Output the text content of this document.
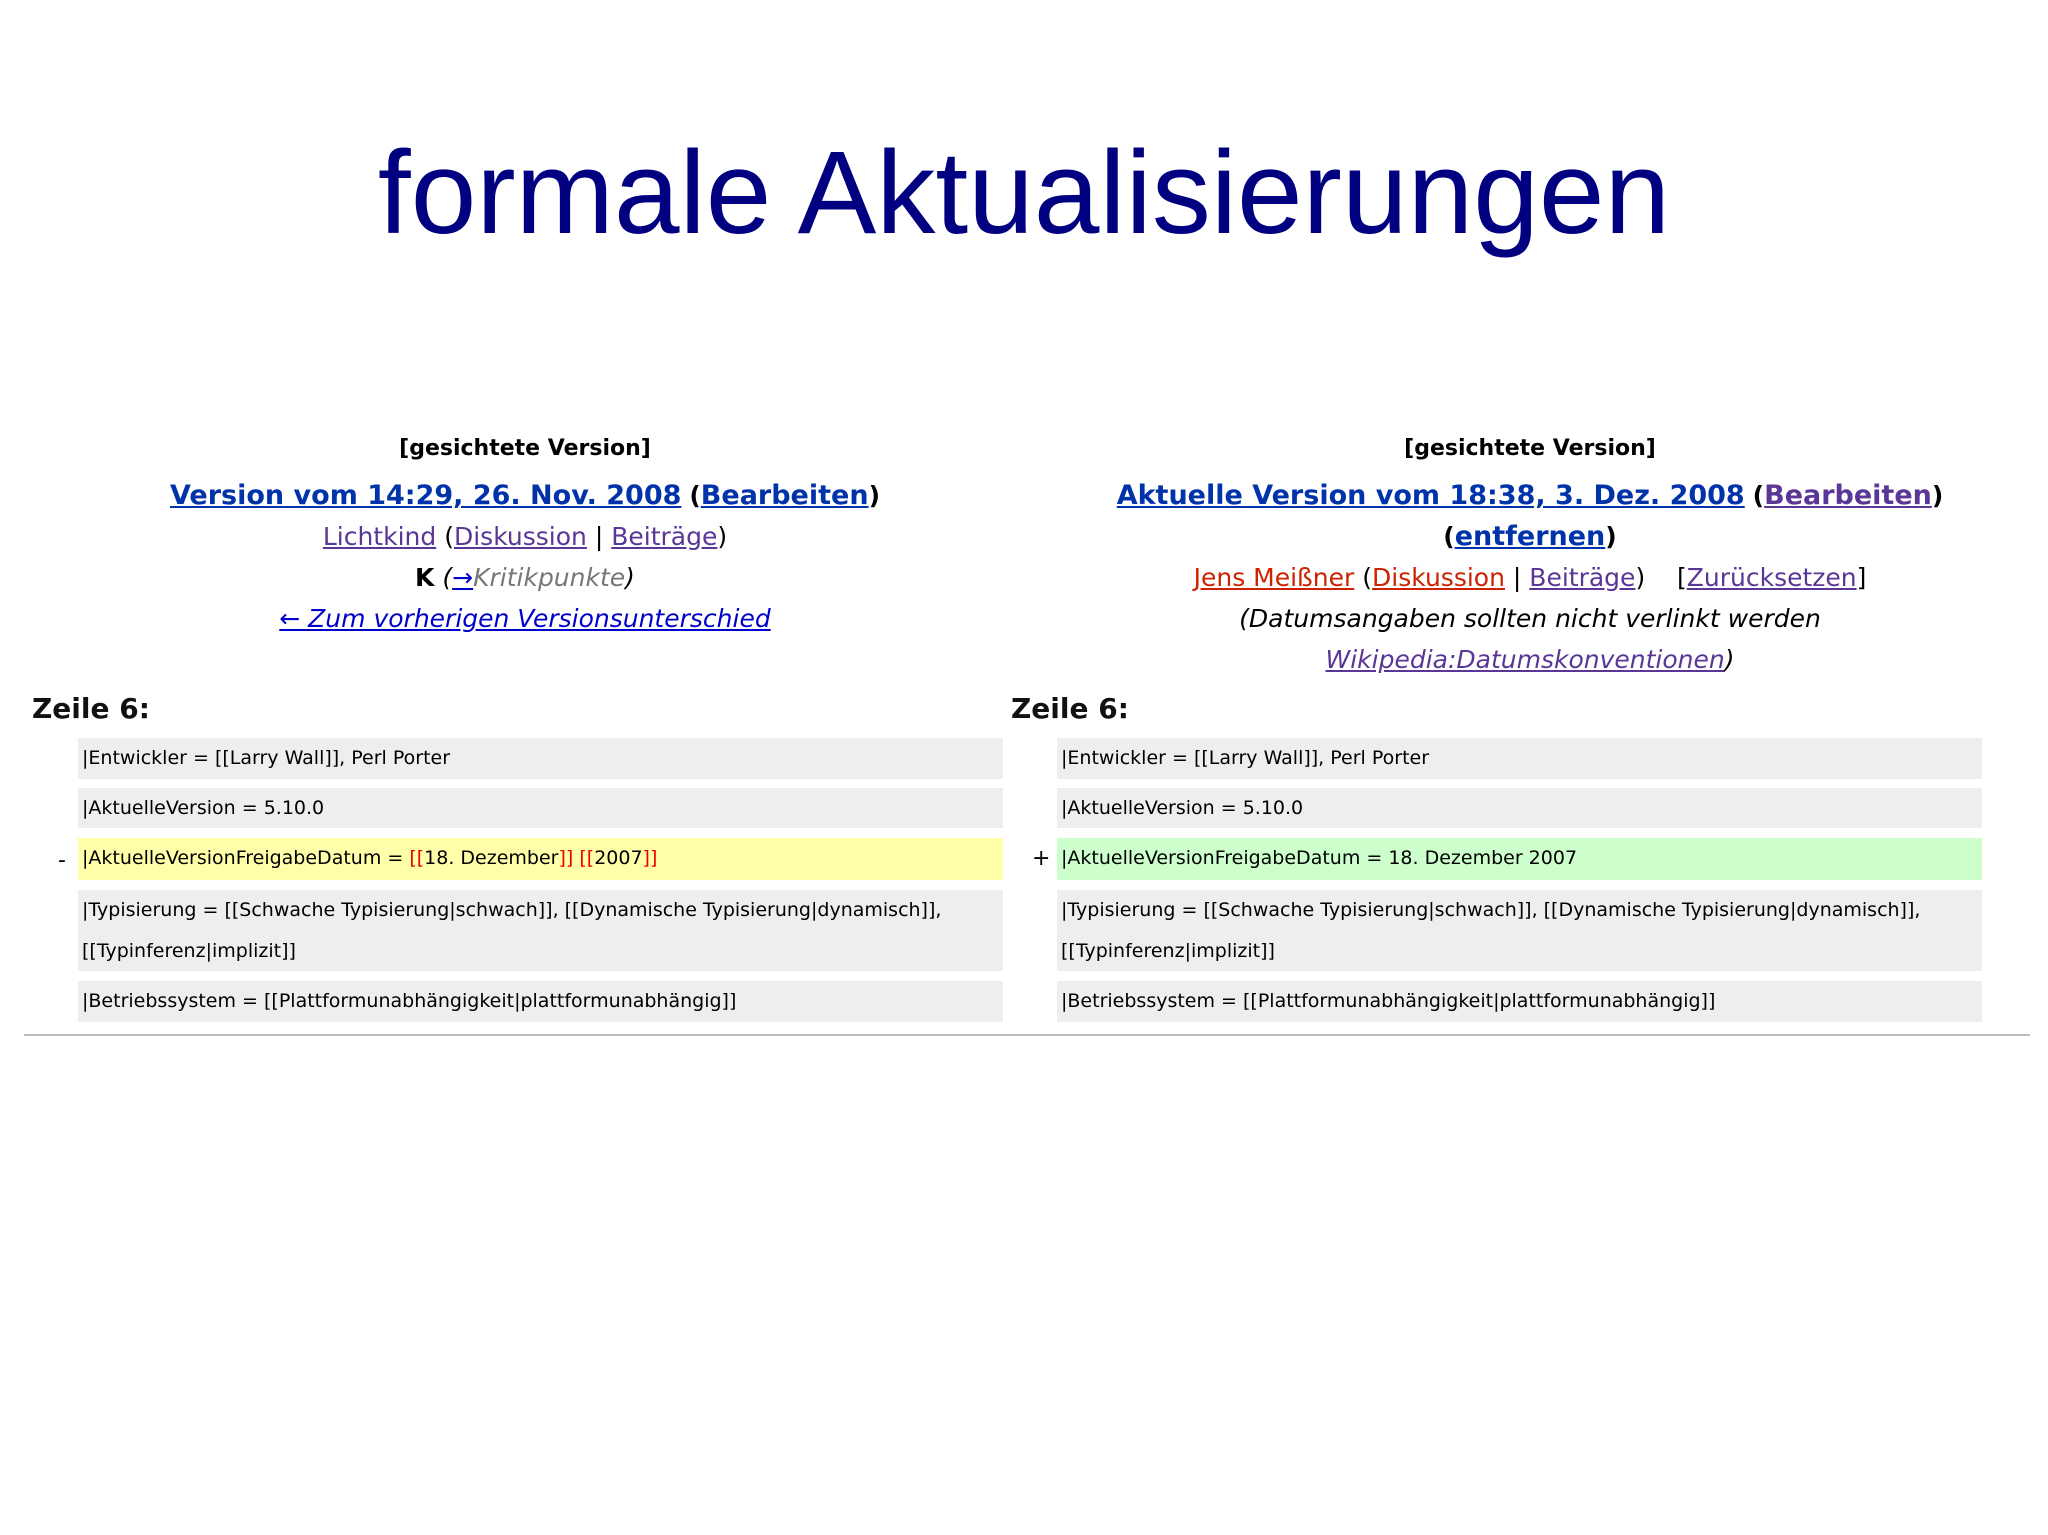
formale Aktualisierungen
[gesichtete Version]
Version vom 14:29, 26. Nov. 2008 (Bearbeiten)
Lichtkind (Diskussion | Beiträge)
K (→Kritikpunkte)
← Zum vorherigen Versionsunterschied
[gesichtete Version]
Aktuelle Version vom 18:38, 3. Dez. 2008 (Bearbeiten) (entfernen)
Jens Meißner (Diskussion | Beiträge) [Zurücksetzen]
(Datumsangaben sollten nicht verlinkt werden
Wikipedia:Datumskonventionen)
Zeile 6:	Zeile 6:
|Entwickler = [[Larry Wall]], Perl Porter
|AktuelleVersion = 5.10.0
- |AktuelleVersionFreigabeDatum = [[18. Dezember]] [[2007]]
|Typisierung = [[Schwache Typisierung|schwach]], [[Dynamische Typisierung|dynamisch]],
[[Typinferenz|implizit]]
|Betriebssystem = [[Plattformunabhängigkeit|plattformunabhängig]]
|Entwickler = [[Larry Wall]], Perl Porter
|AktuelleVersion = 5.10.0
+ |AktuelleVersionFreigabeDatum = 18. Dezember 2007
|Typisierung = [[Schwache Typisierung|schwach]], [[Dynamische Typisierung|dynamisch]],
[[Typinferenz|implizit]]
|Betriebssystem = [[Plattformunabhängigkeit|plattformunabhängig]]
